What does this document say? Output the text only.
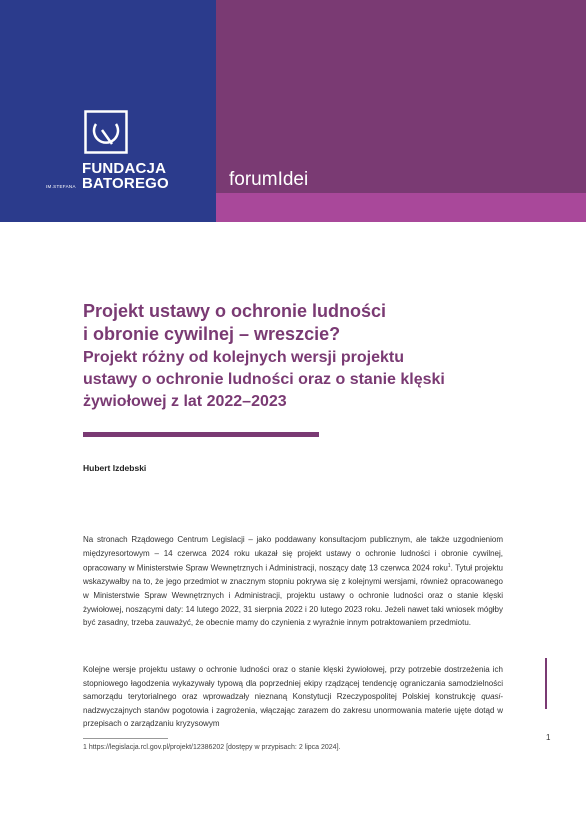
FUNDACJA
BATOREGO
IM.STEFANA	forumIdei
Projekt ustawy o ochronie ludności
i obronie cywilnej – wreszcie?
Projekt różny od kolejnych wersji projektu
ustawy o ochronie ludności oraz o stanie klęski
żywiołowej z lat 2022–2023
Hubert Izdebski

Na stronach Rządowego Centrum Legislacji – jako poddawany konsultacjom publicznym, ale także uzgodnieniom międzyresortowym – 14 czerwca 2024 roku ukazał się projekt ustawy o ochronie ludności i obronie cywilnej, opracowany w Ministerstwie Spraw Wewnętrznych i Administracji, noszący datę 13 czerwca 2024 roku$^1$. Tytuł projektu wskazywałby na to, że jego przedmiot w znacznym stopniu pokrywa się z kolejnymi wersjami, również opracowanego w Ministerstwie Spraw Wewnętrznych i Administracji, projektu ustawy o ochronie ludności oraz o stanie klęski żywiołowej, noszącymi daty: 14 lutego 2022, 31 sierpnia 2022 i 20 lutego 2023 roku. Jeżeli nawet taki wniosek mógłby być zasadny, trzeba zauważyć, że obecnie mamy do czynienia z wyraźnie innym potraktowaniem przedmiotu.

Kolejne wersje projektu ustawy o ochronie ludności oraz o stanie klęski żywiołowej, przy potrzebie dostrzeżenia ich stopniowego łagodzenia wykazywały typową dla poprzedniej ekipy rządzącej tendencję ograniczania samodzielności samorządu terytorialnego oraz wprowadzały nieznaną Konstytucji Rzeczypospolitej Polskiej konstrukcję quasi-nadzwyczajnych stanów pogotowia i zagrożenia, włączając zarazem do zakresu unormowania materie ujęte dotąd w przepisach o zarządzaniu kryzysowym

1
1 https://legislacja.rcl.gov.pl/projekt/12386202 [dostępy w przypisach: 2 lipca 2024].
